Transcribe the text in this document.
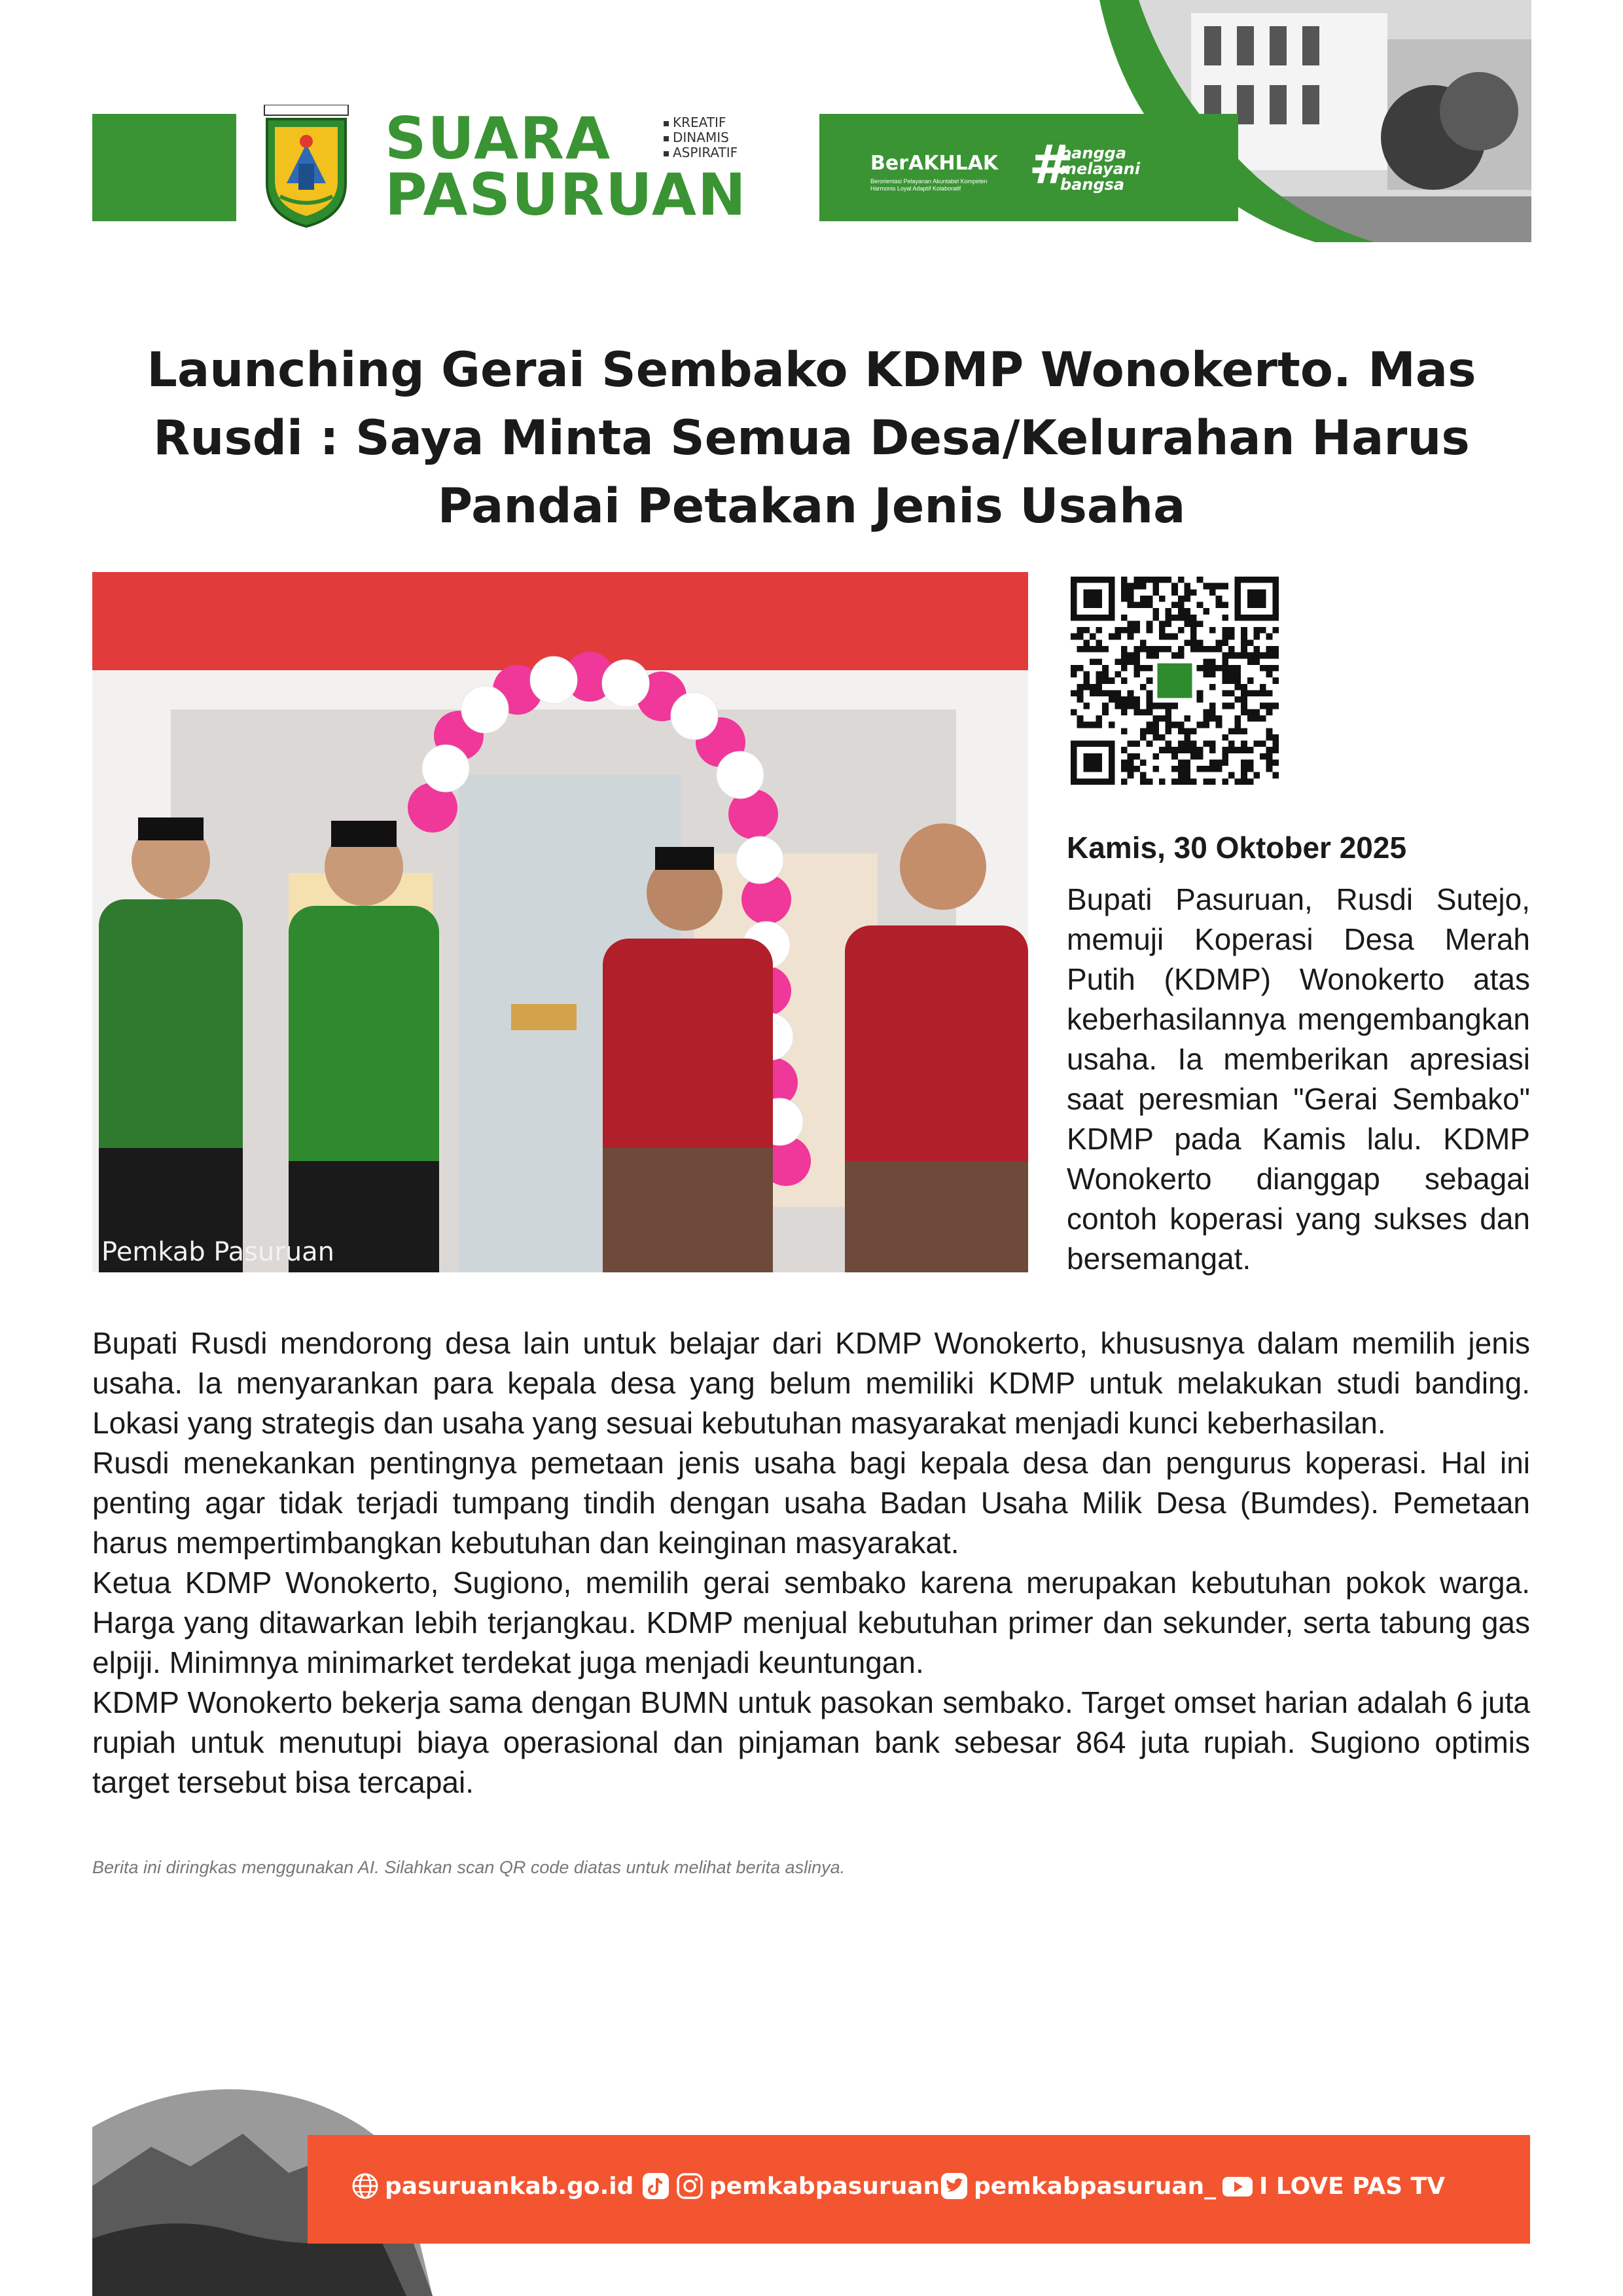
SUARA
PASURUAN
KREATIF
DINAMIS
ASPIRATIF	BerAKHLAK
Berorientasi Pelayanan Akuntabel Kompeten Harmonis Loyal Adaptif Kolaboratif	#
bangga
melayani
bangsa
Launching Gerai Sembako KDMP Wonokerto. Mas Rusdi : Saya Minta Semua Desa/Kelurahan Harus Pandai Petakan Jenis Usaha
Pemkab Pasuruan
Kamis, 30 Oktober 2025
Bupati Pasuruan, Rusdi Sutejo, memuji Koperasi Desa Merah Putih (KDMP) Wonokerto atas keberhasilannya mengembangkan usaha. Ia memberikan apresiasi saat peresmian "Gerai Sembako" KDMP pada Kamis lalu. KDMP Wonokerto dianggap sebagai contoh koperasi yang sukses dan bersemangat.

Bupati Rusdi mendorong desa lain untuk belajar dari KDMP Wonokerto, khususnya dalam memilih jenis usaha. Ia menyarankan para kepala desa yang belum memiliki KDMP untuk melakukan studi banding. Lokasi yang strategis dan usaha yang sesuai kebutuhan masyarakat menjadi kunci keberhasilan.

Rusdi menekankan pentingnya pemetaan jenis usaha bagi kepala desa dan pengurus koperasi. Hal ini penting agar tidak terjadi tumpang tindih dengan usaha Badan Usaha Milik Desa (Bumdes). Pemetaan harus mempertimbangkan kebutuhan dan keinginan masyarakat.

Ketua KDMP Wonokerto, Sugiono, memilih gerai sembako karena merupakan kebutuhan pokok warga. Harga yang ditawarkan lebih terjangkau. KDMP menjual kebutuhan primer dan sekunder, serta tabung gas elpiji. Minimnya minimarket terdekat juga menjadi keuntungan.

KDMP Wonokerto bekerja sama dengan BUMN untuk pasokan sembako. Target omset harian adalah 6 juta rupiah untuk menutupi biaya operasional dan pinjaman bank sebesar 864 juta rupiah. Sugiono optimis target tersebut bisa tercapai.

Berita ini diringkas menggunakan AI. Silahkan scan QR code diatas untuk melihat berita aslinya.
pasuruankab.go.id	pemkabpasuruan pemkabpasuruan_ I LOVE PAS TV
